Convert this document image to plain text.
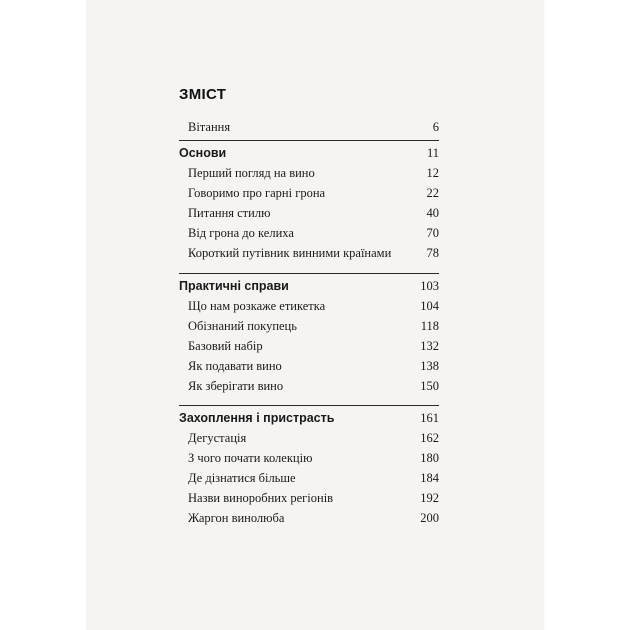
ЗМІСТ
Вітання	6
Основи	11
Перший погляд на вино	12
Говоримо про гарні грона	22
Питання стилю	40
Від грона до келиха	70
Короткий путівник винними країнами	78
Практичні справи	103
Що нам розкаже етикетка	104
Обізнаний покупець	118
Базовий набір	132
Як подавати вино	138
Як зберігати вино	150
Захоплення і пристрасть	161
Дегустація	162
З чого почати колекцію	180
Де дізнатися більше	184
Назви винoробних регіонів	192
Жаргон винолюба	200
